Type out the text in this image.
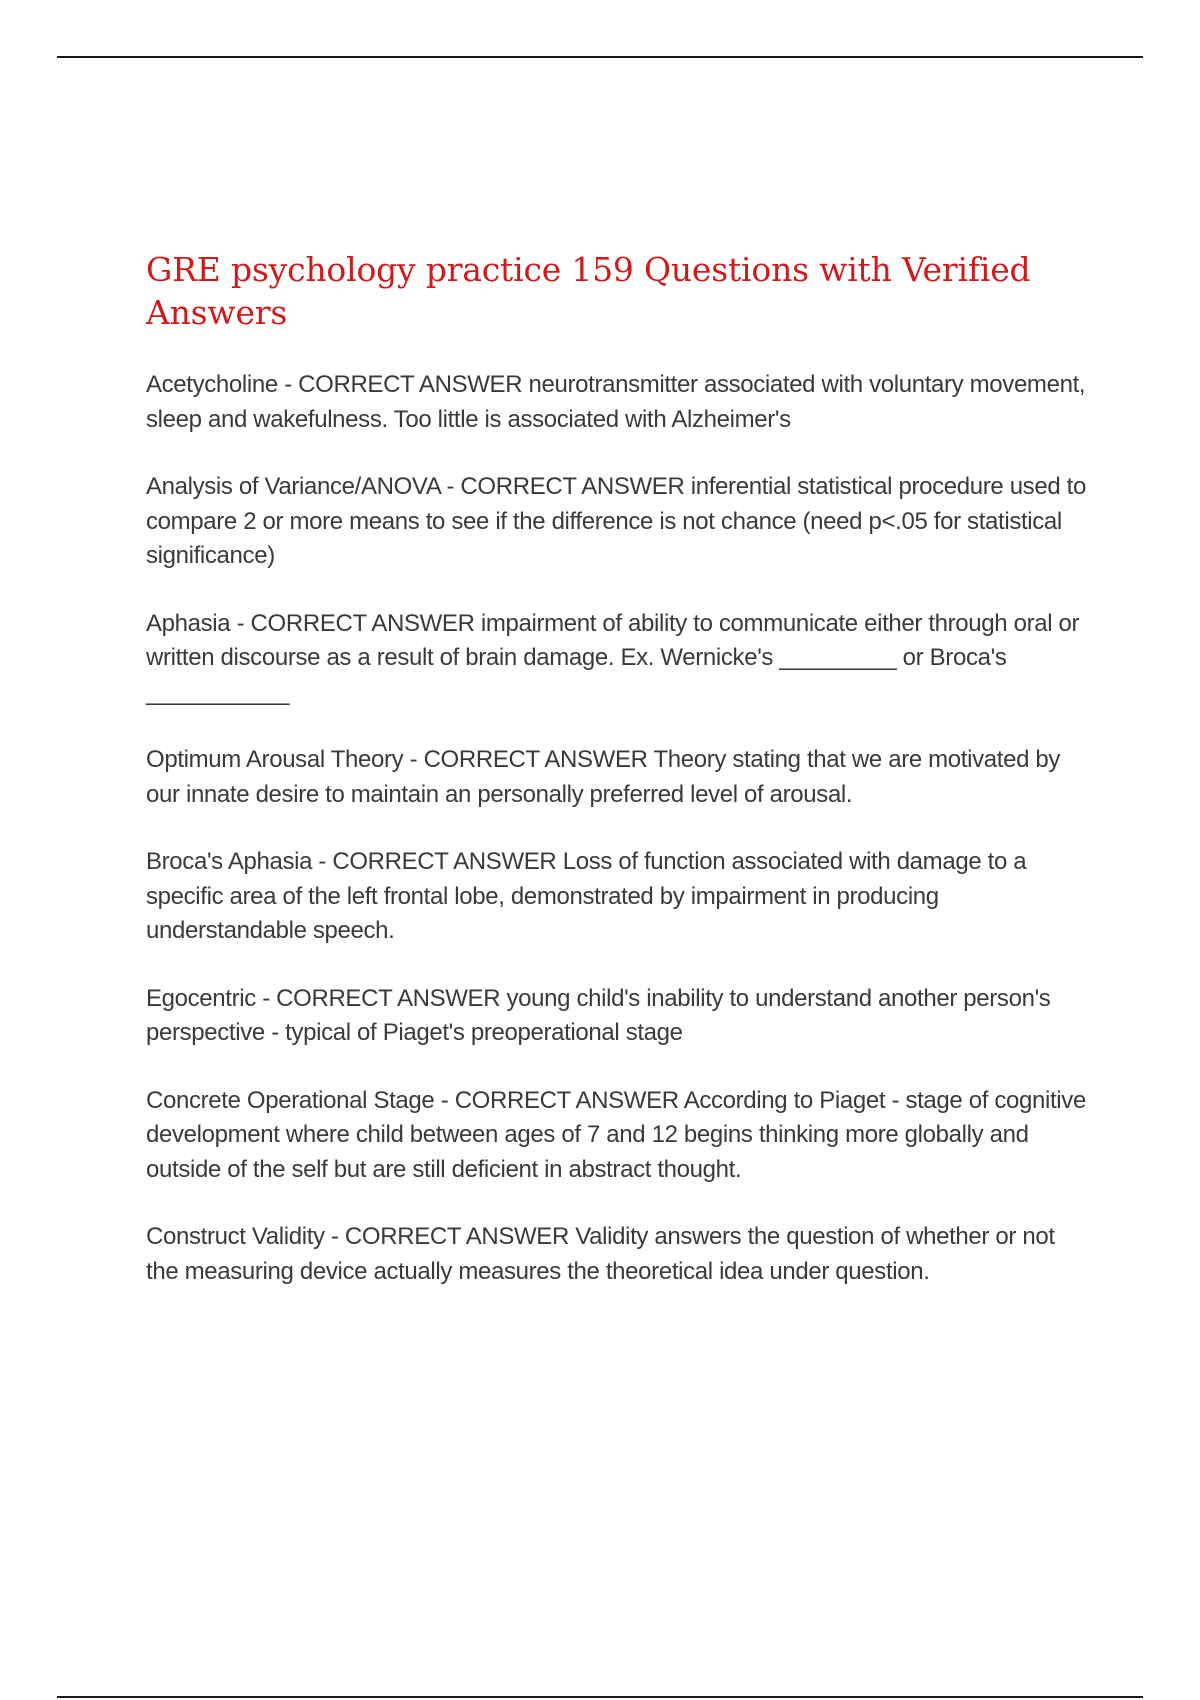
GRE psychology practice 159 Questions with Verified Answers

Acetycholine - CORRECT ANSWER neurotransmitter associated with voluntary movement, sleep and wakefulness. Too little is associated with Alzheimer's

Analysis of Variance/ANOVA - CORRECT ANSWER inferential statistical procedure used to compare 2 or more means to see if the difference is not chance (need p<.05 for statistical significance)

Aphasia - CORRECT ANSWER impairment of ability to communicate either through oral or written discourse as a result of brain damage. Ex. Wernicke's _________ or Broca's ___________

Optimum Arousal Theory - CORRECT ANSWER Theory stating that we are motivated by our innate desire to maintain an personally preferred level of arousal.

Broca's Aphasia - CORRECT ANSWER Loss of function associated with damage to a specific area of the left frontal lobe, demonstrated by impairment in producing understandable speech.

Egocentric - CORRECT ANSWER young child's inability to understand another person's perspective - typical of Piaget's preoperational stage

Concrete Operational Stage - CORRECT ANSWER According to Piaget - stage of cognitive development where child between ages of 7 and 12 begins thinking more globally and outside of the self but are still deficient in abstract thought.

Construct Validity - CORRECT ANSWER Validity answers the question of whether or not the measuring device actually measures the theoretical idea under question.
